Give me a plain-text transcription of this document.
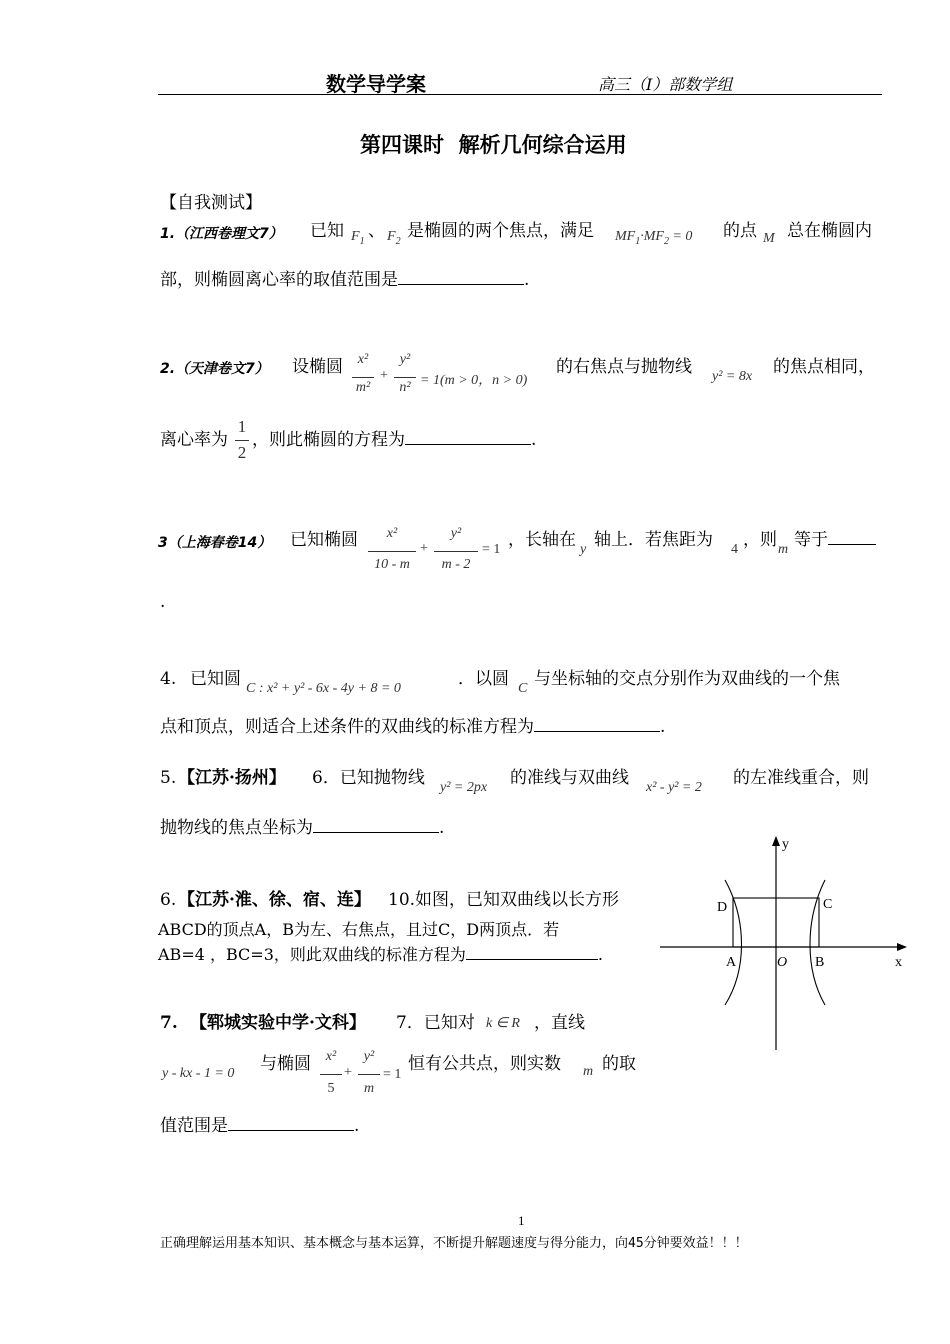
数学导学案	高三（Ⅰ）部数学组
第四课时  解析几何综合运用
【自我测试】
1.（江西卷理文7） 已知 $F_1$
、 $F_2$
是椭圆的两个焦点，满足 $MF_1\cdot MF_2 = 0$ 的点 M 总在椭圆内
部，则椭圆离心率的取值范围是	.
2.（天津卷文7） 设椭圆	x²
m²
+
y²
n² = 1(m > 0，n > 0)
的右焦点与抛物线 y² = 8x 的焦点相同，
离心率为
1
2
，则此椭圆的方程为	.
3（上海春卷14） 已知椭圆	x²
10 - m
+
y²
m - 2
= 1 ，长轴在 y 轴上．若焦距为 4 ，则 m 等于
.
4. 已知圆 C : x² + y² - 6x - 4y + 8 = 0	．以圆 C 与坐标轴的交点分别作为双曲线的一个焦
点和顶点，则适合上述条件的双曲线的标准方程为	.
5. 【江苏·扬州】 6．已知抛物线 y² = 2px 的准线与双曲线 x² - y² = 2 的左准线重合，则
抛物线的焦点坐标为	.
6. 【江苏·淮、徐、宿、连】 10.如图，已知双曲线以长方形
ABCD的顶点A，B为左、右焦点，且过C，D两顶点．若
AB=4 ，BC=3，则此双曲线的标准方程为	.
y
x
D	C
A	O B
7. 【郓城实验中学·文科】 7．已知对 k ∈ R ，直线
y - kx - 1 = 0 与椭圆	x²
5
+
y²
m
= 1
恒有公共点，则实数 m 的取
值范围是	.
1
正确理解运用基本知识、基本概念与基本运算，不断提升解题速度与得分能力，向45分钟要效益！！！
